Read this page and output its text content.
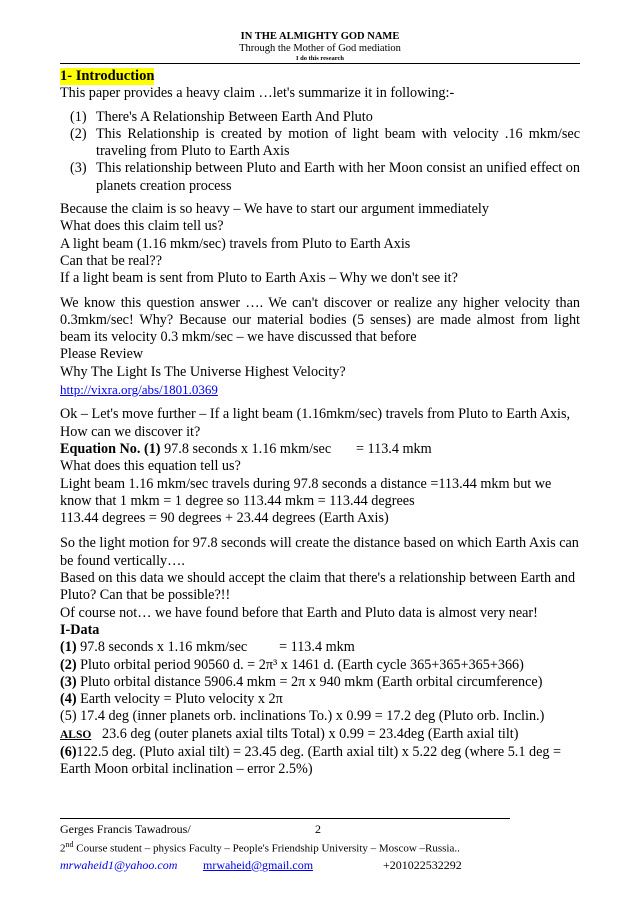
IN THE ALMIGHTY GOD NAME
Through the Mother of God mediation
I do this research
1- Introduction
This paper provides a heavy claim …let's summarize it in following:-
(1) There's A Relationship Between Earth And Pluto
(2) This Relationship is created by motion of light beam with velocity .16 mkm/sec traveling from Pluto to Earth Axis
(3) This relationship between Pluto and Earth with her Moon consist an unified effect on planets creation process
Because the claim is so heavy – We have to start our argument immediately
What does this claim tell us?
A light beam (1.16 mkm/sec) travels from Pluto to Earth Axis
Can that be real??
If a light beam is sent from Pluto to Earth Axis – Why we don't see it?
We know this question answer …. We can't discover or realize any higher velocity than 0.3mkm/sec! Why? Because our material bodies (5 senses) are made almost from light beam its velocity 0.3 mkm/sec – we have discussed that before
Please Review
Why The Light Is The Universe Highest Velocity?
http://vixra.org/abs/1801.0369
Ok – Let's move further – If a light beam (1.16mkm/sec) travels from Pluto to Earth Axis, How can we discover it?
Equation No. (1) 97.8 seconds x 1.16 mkm/sec       = 113.4 mkm
What does this equation tell us?
Light beam 1.16 mkm/sec travels during 97.8 seconds a distance =113.44 mkm but we know that 1 mkm = 1 degree so 113.44 mkm = 113.44 degrees
113.44 degrees = 90 degrees + 23.44 degrees (Earth Axis)
So the light motion for 97.8 seconds will create the distance based on which Earth Axis can be found vertically….
Based on this data we should accept the claim that there's a relationship between Earth and Pluto? Can that be possible?!!
Of course not… we have found before that Earth and Pluto data is almost very near!
I-Data
(1) 97.8 seconds x 1.16 mkm/sec         = 113.4 mkm
(2) Pluto orbital period 90560 d. = 2π³ x 1461 d. (Earth cycle 365+365+365+366)
(3) Pluto orbital distance 5906.4 mkm = 2π x 940 mkm (Earth orbital circumference)
(4) Earth velocity = Pluto velocity x 2π
(5) 17.4 deg (inner planets orb. inclinations To.) x 0.99 = 17.2 deg (Pluto orb. Inclin.)
ALSO   23.6 deg (outer planets axial tilts Total) x 0.99 = 23.4deg (Earth axial tilt)
(6)122.5 deg. (Pluto axial tilt) = 23.45 deg. (Earth axial tilt) x 5.22 deg (where 5.1 deg = Earth Moon orbital inclination – error 2.5%)
Gerges Francis Tawadrous/	2
2nd Course student – physics Faculty – People's Friendship University – Moscow –Russia..
mrwaheid1@yahoo.com mrwaheid@gmail.com	+201022532292
